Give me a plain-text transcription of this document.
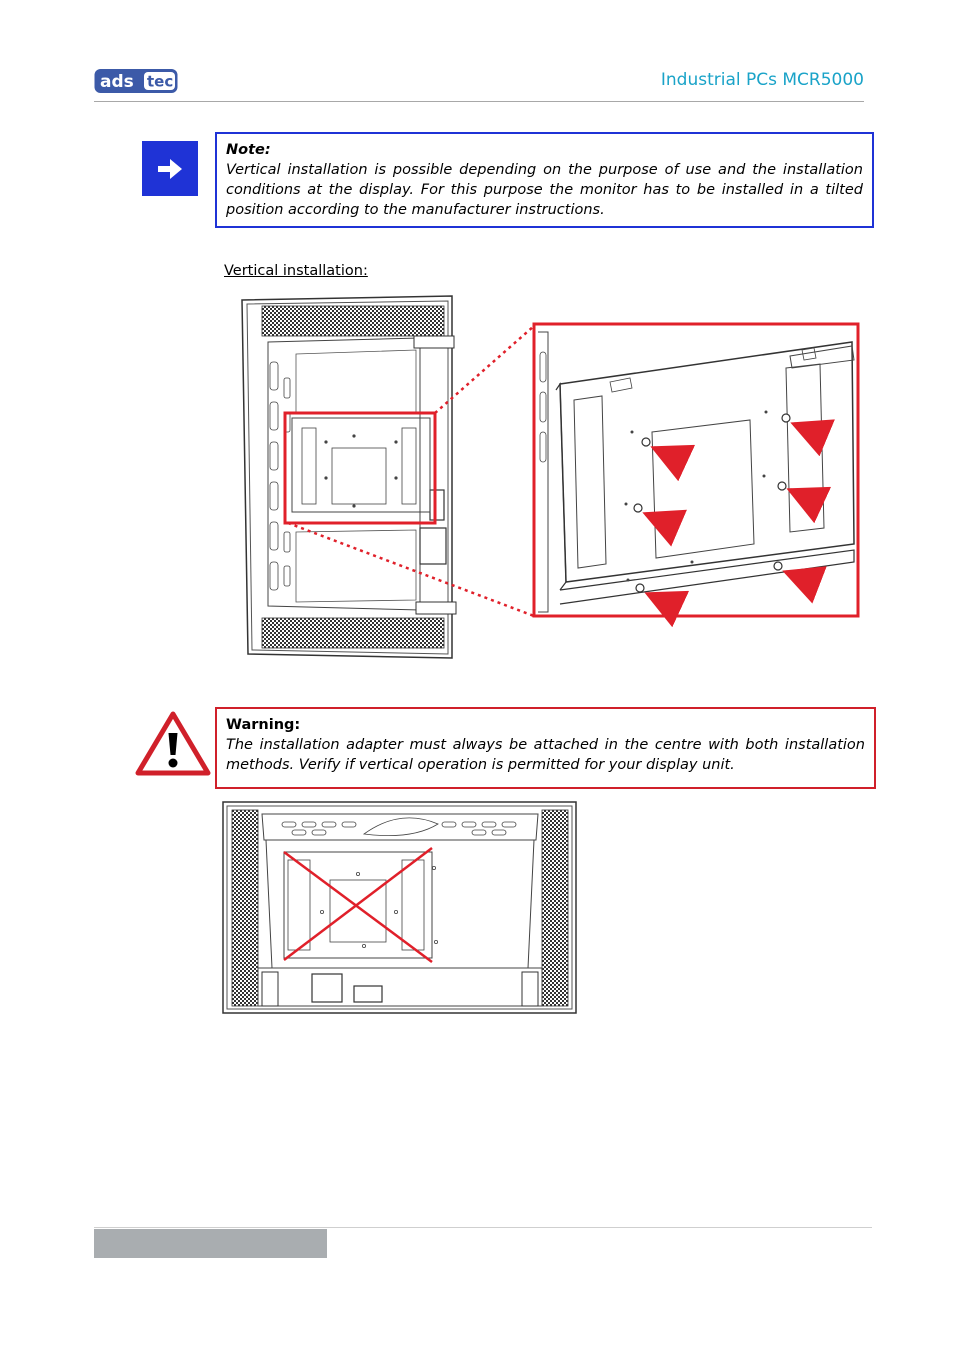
ads tec	Industrial PCs MCR5000
Note:
Vertical installation is possible depending on the purpose of use and the installation conditions at the display. For this purpose the monitor has to be installed in a tilted position according to the manufacturer instructions.
Vertical installation:
Warning:
The installation adapter must always be attached in the centre with both installation methods. Verify if vertical operation is permitted for your display unit.
